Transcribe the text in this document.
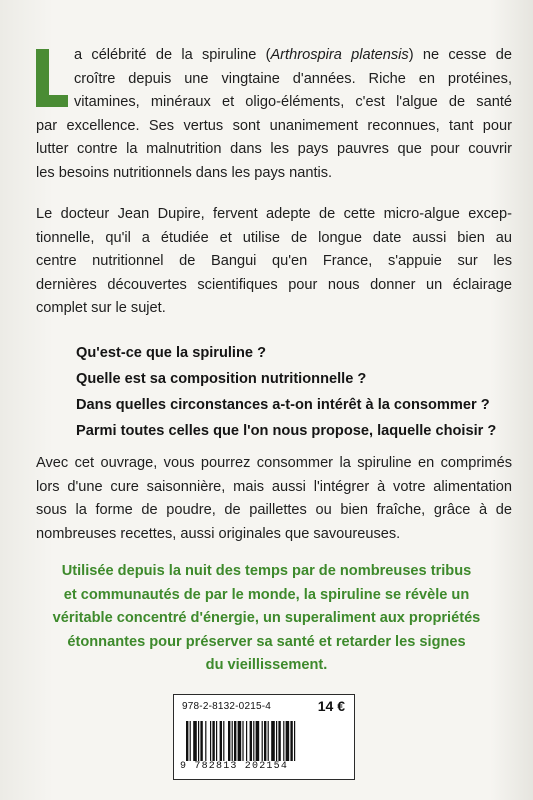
a célébrité de la spiruline (Arthrospira platensis) ne cesse de
croître depuis une vingtaine d'années. Riche en protéines,
vitamines, minéraux et oligo-éléments, c'est l'algue de santé
par excellence. Ses vertus sont unanimement reconnues, tant pour
lutter contre la malnutrition dans les pays pauvres que pour couvrir
les besoins nutritionnels dans les pays nantis.
Le docteur Jean Dupire, fervent adepte de cette micro-algue excep-
tionnelle, qu'il a étudiée et utilise de longue date aussi bien au
centre nutritionnel de Bangui qu'en France, s'appuie sur les
dernières découvertes scientifiques pour nous donner un éclairage
complet sur le sujet.
Qu'est-ce que la spiruline ?
Quelle est sa composition nutritionnelle ?
Dans quelles circonstances a-t-on intérêt à la consommer ?
Parmi toutes celles que l'on nous propose, laquelle choisir ?
Avec cet ouvrage, vous pourrez consommer la spiruline en comprimés
lors d'une cure saisonnière, mais aussi l'intégrer à votre alimentation
sous la forme de poudre, de paillettes ou bien fraîche, grâce à de
nombreuses recettes, aussi originales que savoureuses.
Utilisée depuis la nuit des temps par de nombreuses tribus
et communautés de par le monde, la spiruline se révèle un
véritable concentré d'énergie, un superaliment aux propriétés
étonnantes pour préserver sa santé et retarder les signes
du vieillissement.
978-2-8132-0215-4	14 €
9 782813 202154
